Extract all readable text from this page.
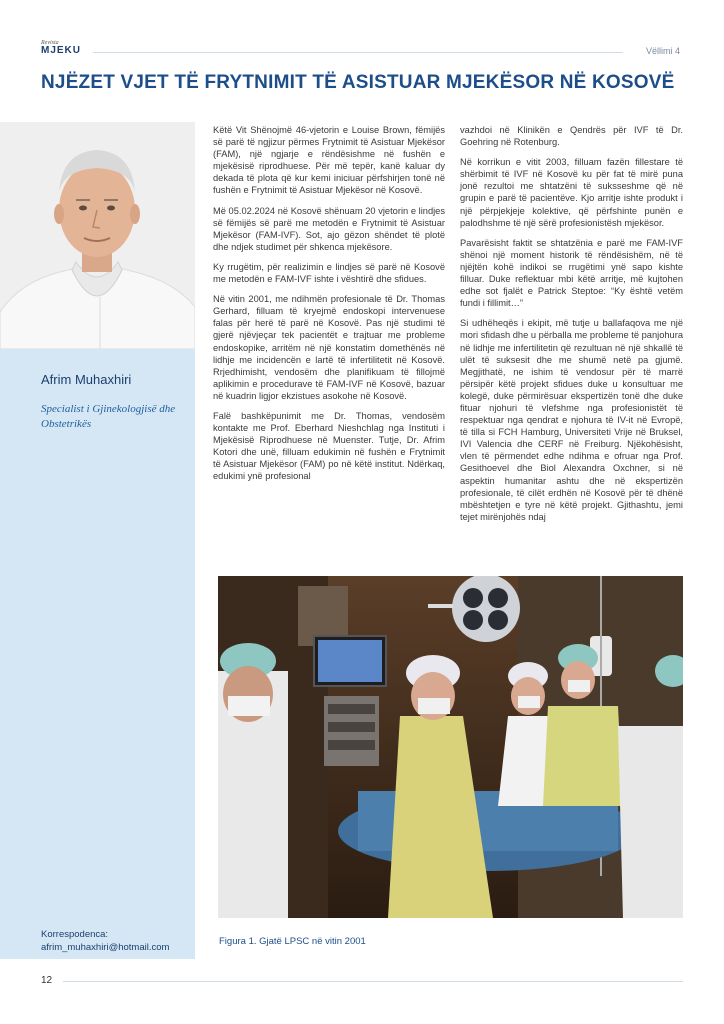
Revista
MJEKU	Vëllimi 4
NJËZET VJET TË FRYTNIMIT TË ASISTUAR MJEKËSOR NË KOSOVË
Afrim Muhaxhiri
Specialist i Gjinekologjisë dhe Obstetrikës
Korrespodenca:
afrim_muhaxhiri@hotmail.com

Këtë Vit Shënojmë 46-vjetorin e Louise Brown, fëmijës së parë të ngjizur përmes Frytnimit të Asistuar Mjekësor (FAM), një ngjarje e rëndësishme në fushën e mjekësisë riprodhuese. Për më tepër, kanë kaluar dy dekada të plota që kur kemi iniciuar përfshirjen tonë në fushën e Frytnimit të Asistuar Mjekësor në Kosovë.

Më 05.02.2024 në Kosovë shënuam 20 vjetorin e lindjes së fëmijës së parë me metodën e Frytnimit të Asistuar Mjekësor (FAM-IVF). Sot, ajo gëzon shëndet të plotë dhe ndjek studimet për shkenca mjekësore.

Ky rrugëtim, për realizimin e lindjes së parë në Kosovë me metodën e FAM-IVF ishte i vështirë dhe sfidues.

Në vitin 2001, me ndihmën profesionale të Dr. Thomas Gerhard, filluam të kryejmë endoskopi intervenuese falas për herë të parë në Kosovë. Pas një studimi të gjerë njëvjeçar tek pacientët e trajtuar me probleme endoskopike, arritëm në një konstatim domethënës në lidhje me incidencën e lartë të infertilitetit në Kosovë. Rrjedhimisht, vendosëm dhe planifikuam të fillojmë aplikimin e procedurave të FAM-IVF në Kosovë, bazuar në kuadrin ligjor ekzistues asokohe në Kosovë.

Falë bashkëpunimit me Dr. Thomas, vendosëm kontakte me Prof. Eberhard Nieshchlag nga Instituti i Mjekësisë Riprodhuese në Muenster. Tutje, Dr. Afrim Kotori dhe unë, filluam edukimin në fushën e Frytnimit të Asistuar Mjekësor (FAM) po në këtë institut. Ndërkaq, edukimi ynë profesional

vazhdoi në Klinikën e Qendrës për IVF të Dr. Goehring në Rotenburg.

Në korrikun e vitit 2003, filluam fazën fillestare të shërbimit të IVF në Kosovë ku për fat të mirë puna jonë rezultoi me shtatzëni të suksseshme që në grupin e parë të pacientëve. Kjo arritje ishte produkt i një përpjekjeje kolektive, që përfshinte punën e palodhshme të një sërë profesionistësh mjekësor.

Pavarësisht faktit se shtatzënia e parë me FAM-IVF shënoi një moment historik të rëndësishëm, në të njëjtën kohë indikoi se rrugëtimi ynë sapo kishte filluar. Duke reflektuar mbi këtë arritje, më kujtohen edhe sot fjalët e Patrick Steptoe: “Ky është vetëm fundi i fillimit…”

Si udhëheqës i ekipit, më tutje u ballafaqova me një mori sfidash dhe u përballa me probleme të panjohura në lidhje me infertilitetin që rezultuan në një shkallë të ulët të suksesit dhe me shumë netë pa gjumë. Megjithatë, ne ishim të vendosur për të marrë përsipër këtë projekt sfidues duke u konsultuar me kolegë, duke përmirësuar ekspertizën tonë dhe duke fituar njohuri të vlefshme nga profesionistët të respektuar nga qendrat e njohura të IV-it në Evropë, të tilla si FCH Hamburg, Universiteti Vrije në Bruksel, IVI Valencia dhe CERF në Freiburg. Njëkohësisht, vlen të përmendet edhe ndihma e ofruar nga Prof. Gesithoevel dhe Biol Alexandra Oxchner, si në aspektin humanitar ashtu dhe në ekspertizën profesionale, të cilët erdhën në Kosovë për të dhënë mbështetjen e tyre në këtë projekt. Gjithashtu, jemi tejet mirënjohës ndaj

Figura 1. Gjatë LPSC në vitin 2001
12
